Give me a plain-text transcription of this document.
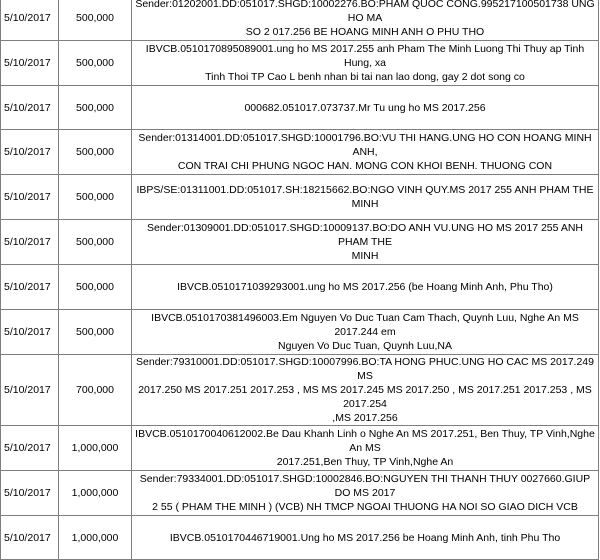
5/10/2017	500,000	Sender:01202001.DD:051017.SHGD:10002276.BO:PHAM QUOC CONG.995217100501738 UNG HO MA
SO 2 017.256 BE HOANG MINH ANH O PHU THO

5/10/2017	500,000	IBVCB.0510170895089001.ung ho MS 2017.255 anh Pham The Minh Luong Thi Thuy ap Tinh Hung, xa
Tinh Thoi TP Cao L benh nhan bi tai nan lao dong, gay 2 dot song co

5/10/2017	500,000	000682.051017.073737.Mr Tu ung ho MS 2017.256

5/10/2017	500,000	Sender:01314001.DD:051017.SHGD:10001796.BO:VU THI HANG.UNG HO CON HOANG MINH ANH,
CON TRAI CHI PHUNG NGOC HAN. MONG CON KHOI BENH. THUONG CON

5/10/2017	500,000	IBPS/SE:01311001.DD:051017.SH:18215662.BO:NGO VINH QUY.MS 2017 255 ANH PHAM THE MINH

5/10/2017	500,000	Sender:01309001.DD:051017.SHGD:10009137.BO:DO ANH VU.UNG HO MS 2017 255 ANH PHAM THE
MINH

5/10/2017	500,000	IBVCB.0510171039293001.ung ho MS 2017.256 (be Hoang Minh Anh, Phu Tho)

5/10/2017	500,000	IBVCB.0510170381496003.Em Nguyen Vo Duc Tuan Cam Thach, Quynh Luu, Nghe An MS 2017.244 em
Nguyen Vo Duc Tuan, Quynh Luu,NA

5/10/2017	700,000	Sender:79310001.DD:051017.SHGD:10007996.BO:TA HONG PHUC.UNG HO CAC MS 2017.249 MS
2017.250 MS 2017.251 2017.253 , MS MS 2017.245 MS 2017.250 , MS 2017.251 2017.253 , MS 2017.254
,MS 2017.256

5/10/2017	1,000,000	IBVCB.0510170040612002.Be Dau Khanh Linh o Nghe An MS 2017.251, Ben Thuy, TP Vinh,Nghe An MS
2017.251,Ben Thuy, TP Vinh,Nghe An

5/10/2017	1,000,000	Sender:79334001.DD:051017.SHGD:10002846.BO:NGUYEN THI THANH THUY 0027660.GIUP DO MS 2017
2 55 ( PHAM THE MINH ) (VCB) NH TMCP NGOAI THUONG HA NOI SO GIAO DICH VCB

5/10/2017	1,000,000	IBVCB.0510170446719001.Ung ho MS 2017.256 be Hoang Minh Anh, tinh Phu Tho
